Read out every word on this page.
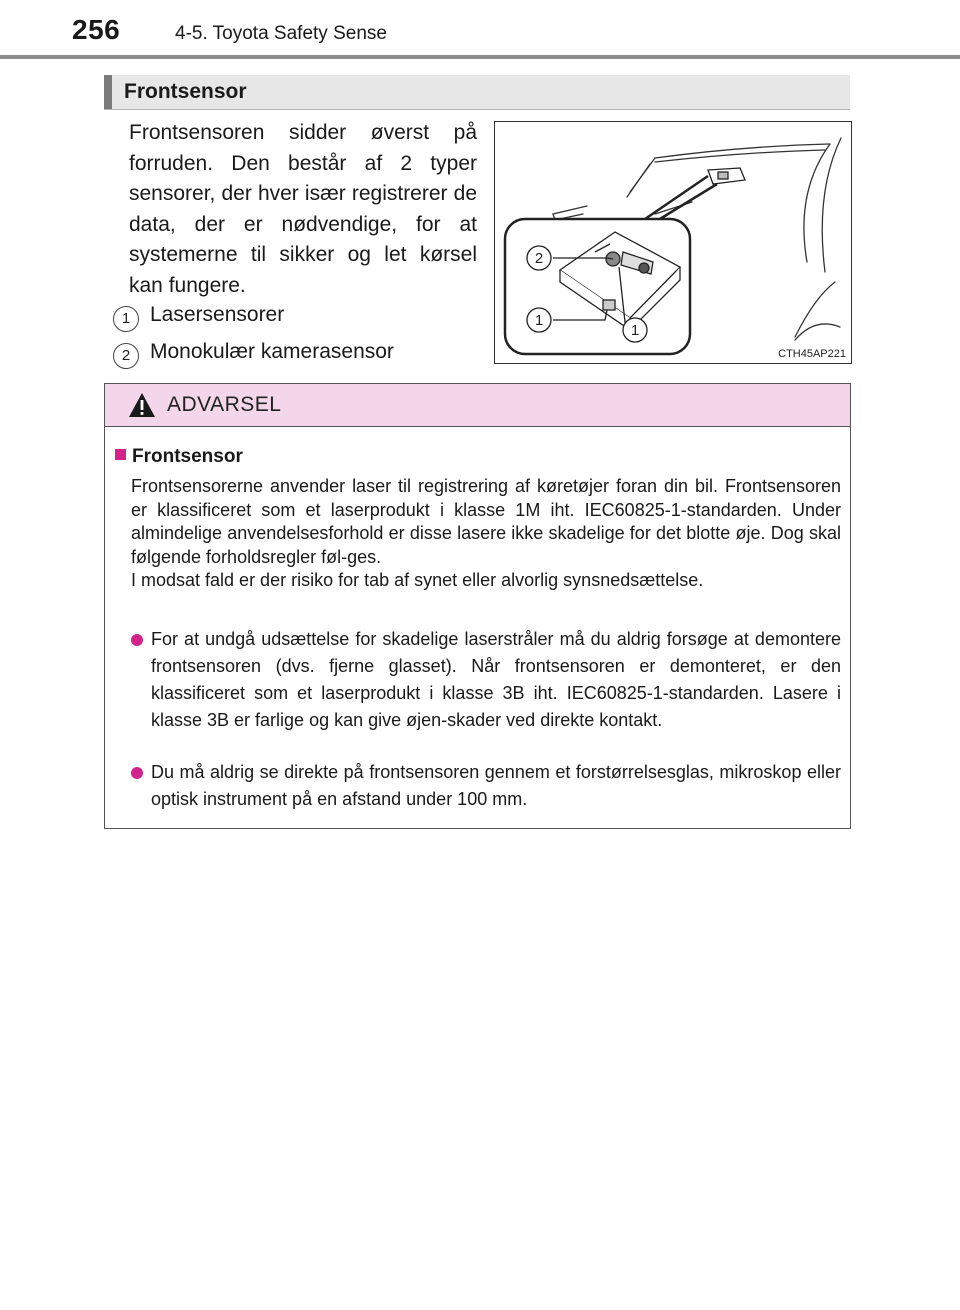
256	4-5. Toyota Safety Sense
Frontsensor
Frontsensoren sidder øverst på forruden. Den består af 2 typer sensorer, der hver især registrerer de data, der er nødvendige, for at systemerne til sikker og let kørsel kan fungere.
1 Lasersensorer
2 Monokulær kamerasensor
2
1
1
CTH45AP221
ADVARSEL
Frontsensor

Frontsensorerne anvender laser til registrering af køretøjer foran din bil. Frontsensoren er klassificeret som et laserprodukt i klasse 1M iht. IEC60825-1-standarden. Under almindelige anvendelsesforhold er disse lasere ikke skadelige for det blotte øje. Dog skal følgende forholdsregler føl-ges.

I modsat fald er der risiko for tab af synet eller alvorlig synsnedsættelse.

For at undgå udsættelse for skadelige laserstråler må du aldrig forsøge at demontere frontsensoren (dvs. fjerne glasset). Når frontsensoren er demonteret, er den klassificeret som et laserprodukt i klasse 3B iht. IEC60825-1-standarden. Lasere i klasse 3B er farlige og kan give øjen-skader ved direkte kontakt.
Du må aldrig se direkte på frontsensoren gennem et forstørrelsesglas, mikroskop eller optisk instrument på en afstand under 100 mm.
